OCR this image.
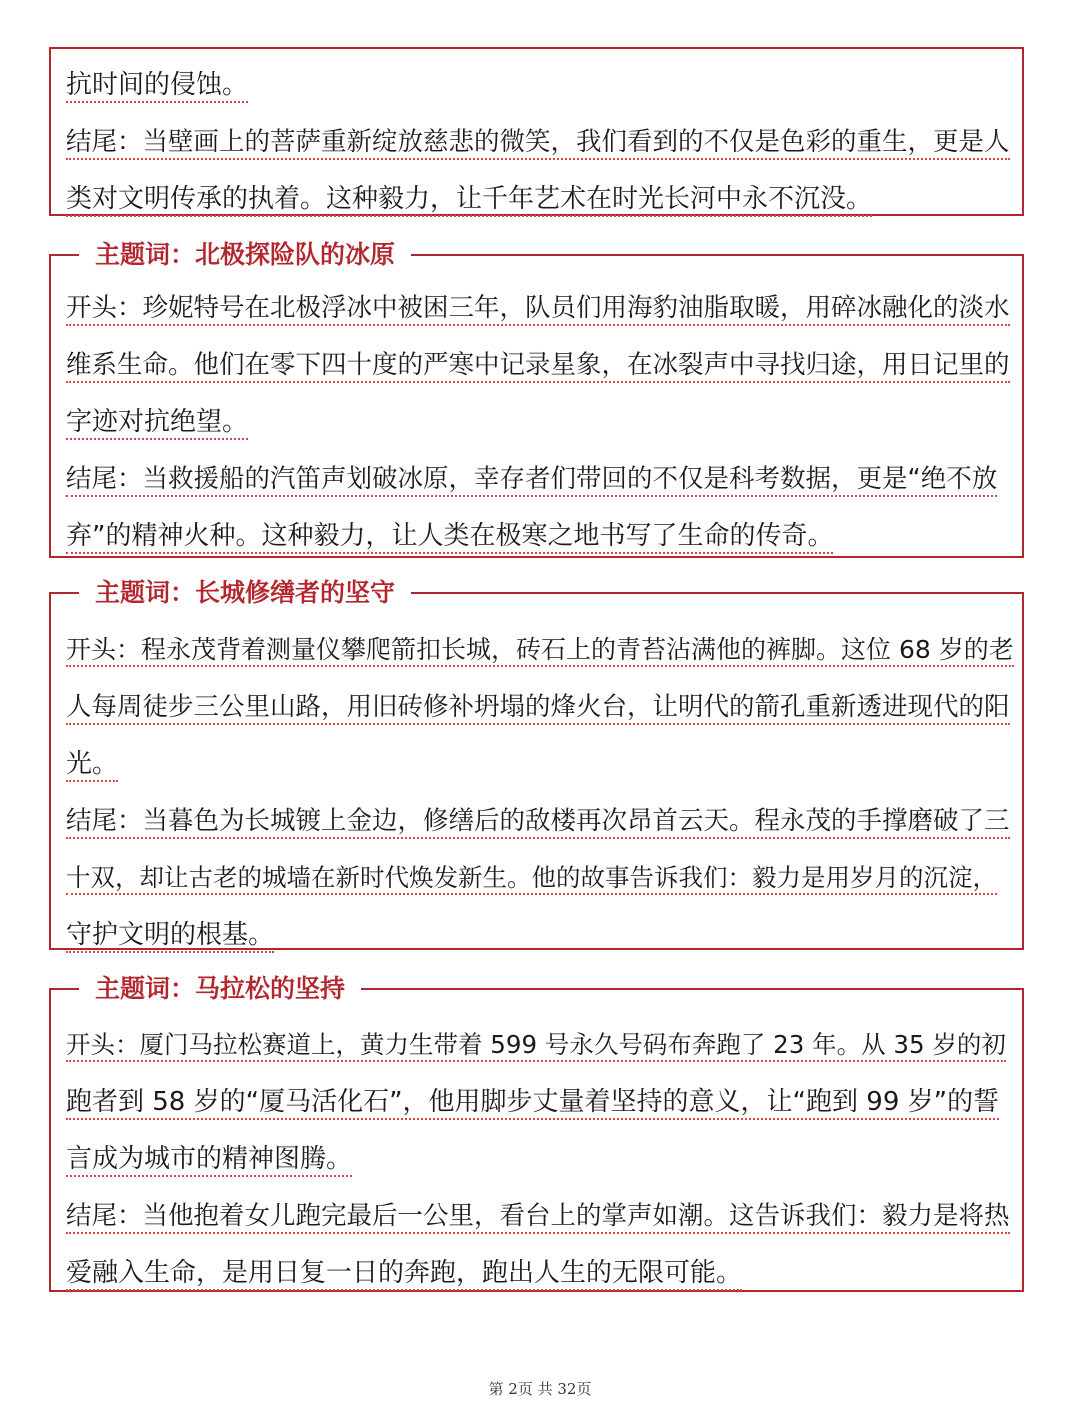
抗时间的侵蚀。
结尾：当壁画上的菩萨重新绽放慈悲的微笑，我们看到的不仅是色彩的重生，更是人
类对文明传承的执着。这种毅力，让千年艺术在时光长河中永不沉没。
主题词：北极探险队的冰原
开头：珍妮特号在北极浮冰中被困三年，队员们用海豹油脂取暖，用碎冰融化的淡水
维系生命。他们在零下四十度的严寒中记录星象，在冰裂声中寻找归途，用日记里的
字迹对抗绝望。
结尾：当救援船的汽笛声划破冰原，幸存者们带回的不仅是科考数据，更是“绝不放
弃”的精神火种。这种毅力，让人类在极寒之地书写了生命的传奇。
主题词：长城修缮者的坚守
开头：程永茂背着测量仪攀爬箭扣长城，砖石上的青苔沾满他的裤脚。这位 68 岁的老
人每周徒步三公里山路，用旧砖修补坍塌的烽火台，让明代的箭孔重新透进现代的阳
光。
结尾：当暮色为长城镀上金边，修缮后的敌楼再次昂首云天。程永茂的手撑磨破了三
十双，却让古老的城墙在新时代焕发新生。他的故事告诉我们：毅力是用岁月的沉淀，
守护文明的根基。
主题词：马拉松的坚持
开头：厦门马拉松赛道上，黄力生带着 599 号永久号码布奔跑了 23 年。从 35 岁的初
跑者到 58 岁的“厦马活化石”，他用脚步丈量着坚持的意义，让“跑到 99 岁”的誓
言成为城市的精神图腾。
结尾：当他抱着女儿跑完最后一公里，看台上的掌声如潮。这告诉我们：毅力是将热
爱融入生命，是用日复一日的奔跑，跑出人生的无限可能。
第 2页 共 32页
